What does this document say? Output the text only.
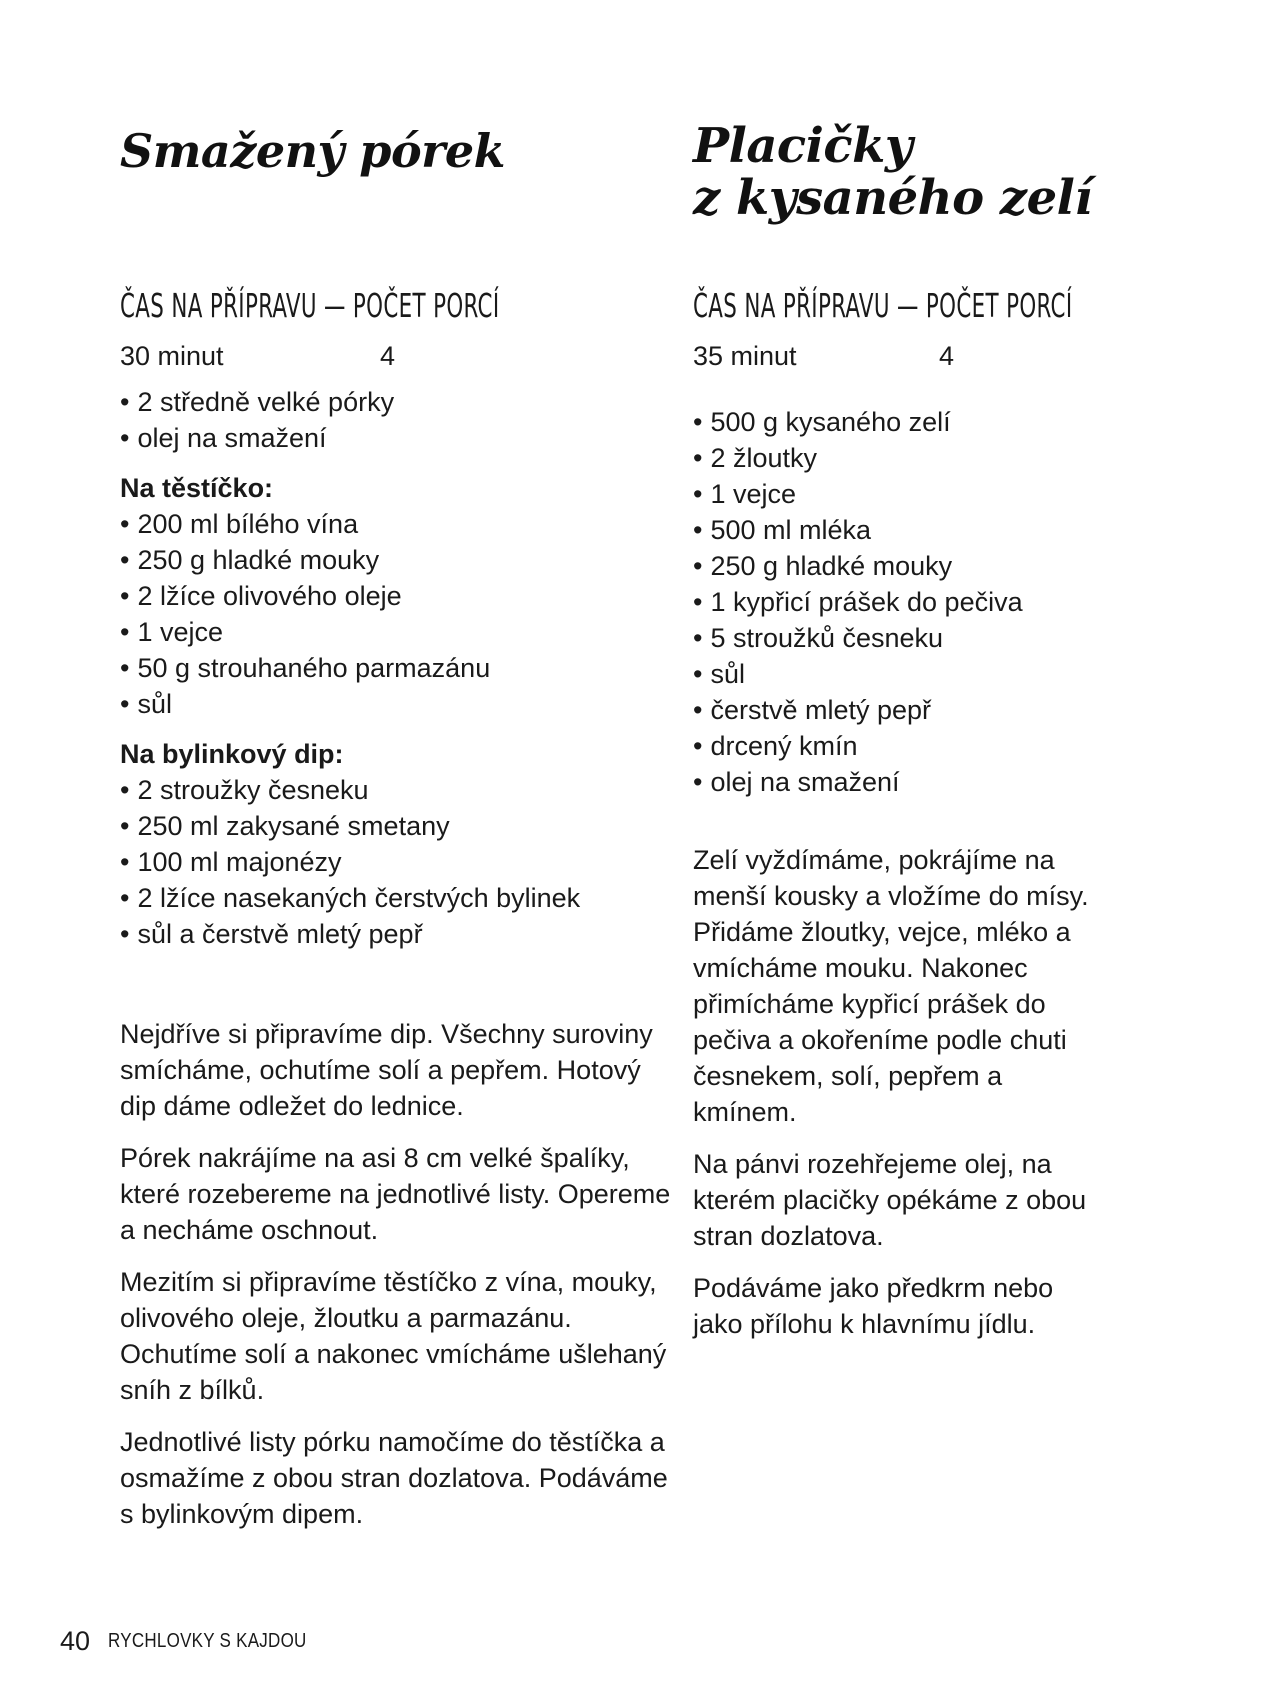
Smažený pórek
ČAS NA PŘÍPRAVU — POČET PORCÍ
30 minut	4
• 2 středně velké pórky
• olej na smažení
Na těstíčko:
• 200 ml bílého vína
• 250 g hladké mouky
• 2 lžíce olivového oleje
• 1 vejce
• 50 g strouhaného parmazánu
• sůl
Na bylinkový dip:
• 2 stroužky česneku
• 250 ml zakysané smetany
• 100 ml majonézy
• 2 lžíce nasekaných čerstvých bylinek
• sůl a čerstvě mletý pepř

Nejdříve si připravíme dip. Všechny suroviny smícháme, ochutíme solí a pepřem. Hotový dip dáme odležet do lednice.

Pórek nakrájíme na asi 8 cm velké špalíky, které rozebereme na jednotlivé listy. Opereme a necháme oschnout.

Mezitím si připravíme těstíčko z vína, mouky, olivového oleje, žloutku a parmazánu. Ochutíme solí a nakonec vmícháme ušlehaný sníh z bílků.

Jednotlivé listy pórku namočíme do těstíčka a osmažíme z obou stran dozlatova. Podáváme s bylinkovým dipem.

Placičky
z kysaného zelí
ČAS NA PŘÍPRAVU — POČET PORCÍ
35 minut	4
• 500 g kysaného zelí
• 2 žloutky
• 1 vejce
• 500 ml mléka
• 250 g hladké mouky
• 1 kypřicí prášek do pečiva
• 5 stroužků česneku
• sůl
• čerstvě mletý pepř
• drcený kmín
• olej na smažení

Zelí vyždímáme, pokrájíme na menší kousky a vložíme do mísy. Přidáme žloutky, vejce, mléko a vmícháme mouku. Nakonec přimícháme kypřicí prášek do pečiva a okořeníme podle chuti česnekem, solí, pepřem a kmínem.

Na pánvi rozehřejeme olej, na kterém placičky opékáme z obou stran dozlatova.

Podáváme jako předkrm nebo jako přílohu k hlavnímu jídlu.

40 RYCHLOVKY S KAJDOU
